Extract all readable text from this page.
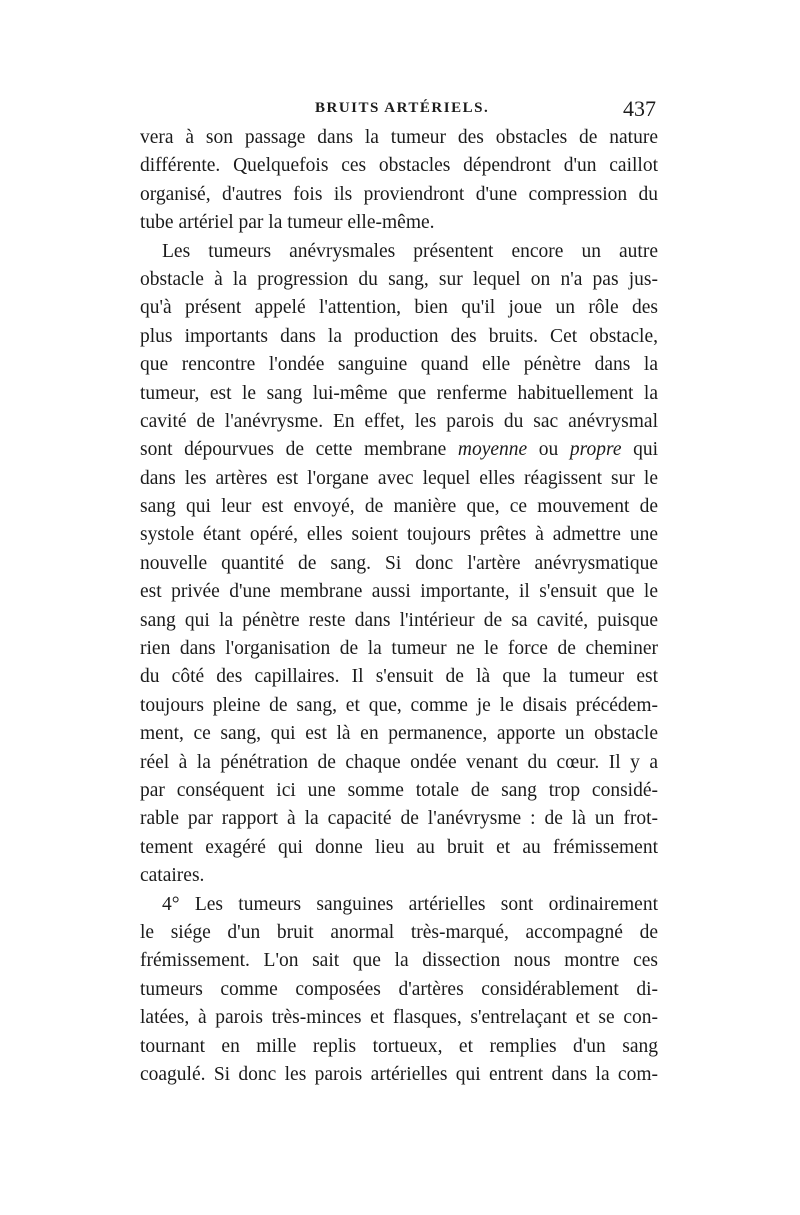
BRUITS ARTÉRIELS.	437
vera à son passage dans la tumeur des obstacles de nature
différente. Quelquefois ces obstacles dépendront d'un caillot
organisé, d'autres fois ils proviendront d'une compression du
tube artériel par la tumeur elle-même.
Les tumeurs anévrysmales présentent encore un autre
obstacle à la progression du sang, sur lequel on n'a pas jus-
qu'à présent appelé l'attention, bien qu'il joue un rôle des
plus importants dans la production des bruits. Cet obstacle,
que rencontre l'ondée sanguine quand elle pénètre dans la
tumeur, est le sang lui-même que renferme habituellement la
cavité de l'anévrysme. En effet, les parois du sac anévrysmal
sont dépourvues de cette membrane moyenne ou propre qui
dans les artères est l'organe avec lequel elles réagissent sur le
sang qui leur est envoyé, de manière que, ce mouvement de
systole étant opéré, elles soient toujours prêtes à admettre une
nouvelle quantité de sang. Si donc l'artère anévrysmatique
est privée d'une membrane aussi importante, il s'ensuit que le
sang qui la pénètre reste dans l'intérieur de sa cavité, puisque
rien dans l'organisation de la tumeur ne le force de cheminer
du côté des capillaires. Il s'ensuit de là que la tumeur est
toujours pleine de sang, et que, comme je le disais précédem-
ment, ce sang, qui est là en permanence, apporte un obstacle
réel à la pénétration de chaque ondée venant du cœur. Il y a
par conséquent ici une somme totale de sang trop considé-
rable par rapport à la capacité de l'anévrysme : de là un frot-
tement exagéré qui donne lieu au bruit et au frémissement
cataires.
4° Les tumeurs sanguines artérielles sont ordinairement
le siége d'un bruit anormal très-marqué, accompagné de
frémissement. L'on sait que la dissection nous montre ces
tumeurs comme composées d'artères considérablement di-
latées, à parois très-minces et flasques, s'entrelaçant et se con-
tournant en mille replis tortueux, et remplies d'un sang
coagulé. Si donc les parois artérielles qui entrent dans la com-
